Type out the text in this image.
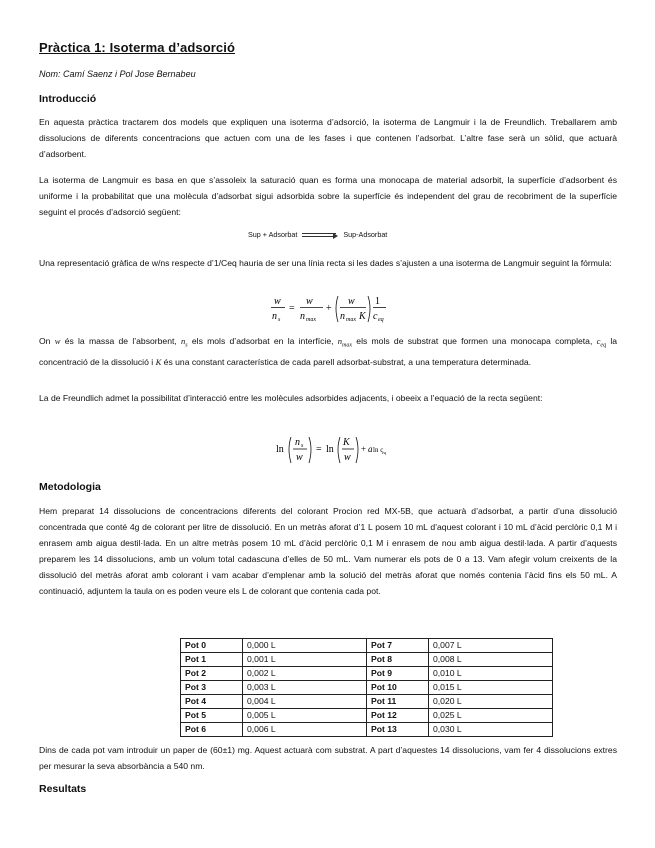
Pràctica 1: Isoterma d’adsorció
Nom: Camí Saenz i Pol Jose Bernabeu
Introducció

En aquesta pràctica tractarem dos models que expliquen una isoterma d’adsorció, la isoterma de Langmuir i la de Freundlich. Treballarem amb dissolucions de diferents concentracions que actuen com una de les fases i que contenen l’adsorbat. L’altre fase serà un sòlid, que actuarà d’adsorbent.

La isoterma de Langmuir es basa en que s’assoleix la saturació quan es forma una monocapa de material adsorbit, la superfície d’adsorbent és uniforme i la probabilitat que una molècula d’adsorbat sigui adsorbida sobre la superfície és independent del grau de recobriment de la superfície seguint el procés d’adsorció següent:

Sup + Adsorbat	Sup-Adsorbat

Una representació gràfica de w/ns respecte d’1/Ceq hauria de ser una línia recta si les dades s’ajusten a una isoterma de Langmuir seguint la fórmula:

w
n s
=
w
n max
+
w
n max K
1
c eq

On w és la massa de l’absorbent, $n_s$ els mols d’adsorbat en la interfície, $n_{max}$ els mols de substrat que formen una monocapa completa, $c_{eq}$ la concentració de la dissolució i K és una constant característica de cada parell adsorbat-substrat, a una temperatura determinada.

La de Freundlich admet la possibilitat d’interacció entre les molècules adsorbides adjacents, i obeeix a l’equació de la recta següent:

ln
n s
w
= ln
K
w
+ a ln c
eq
Metodologia

Hem preparat 14 dissolucions de concentracions diferents del colorant Procion red MX-5B, que actuarà d’adsorbat, a partir d’una dissolució concentrada que conté 4g de colorant per litre de dissolució. En un metràs aforat d’1 L posem 10 mL d’aquest colorant i 10 mL d’àcid perclòric 0,1 M i enrasem amb aigua destil·lada. En un altre metràs posem 10 mL d’àcid perclòric 0,1 M i enrasem de nou amb aigua destil·lada. A partir d’aquests preparem les 14 dissolucions, amb un volum total cadascuna d’elles de 50 mL. Vam numerar els pots de 0 a 13. Vam afegir volum creixents de la dissolució del metràs aforat amb colorant i vam acabar d’emplenar amb la solució del metràs aforat que només contenia l’àcid fins els 50 mL. A continuació, adjuntem la taula on es poden veure els L de colorant que contenia cada pot.

Pot 0	0,000 L	Pot 7	0,007 L
Pot 1	0,001 L	Pot 8	0,008 L
Pot 2	0,002 L	Pot 9	0,010 L
Pot 3	0,003 L	Pot 10	0,015 L
Pot 4	0,004 L	Pot 11	0,020 L
Pot 5	0,005 L	Pot 12	0,025 L
Pot 6	0,006 L	Pot 13	0,030 L

Dins de cada pot vam introduir un paper de (60±1) mg. Aquest actuarà com substrat. A part d’aquestes 14 dissolucions, vam fer 4 dissolucions extres per mesurar la seva absorbància a 540 nm.

Resultats
